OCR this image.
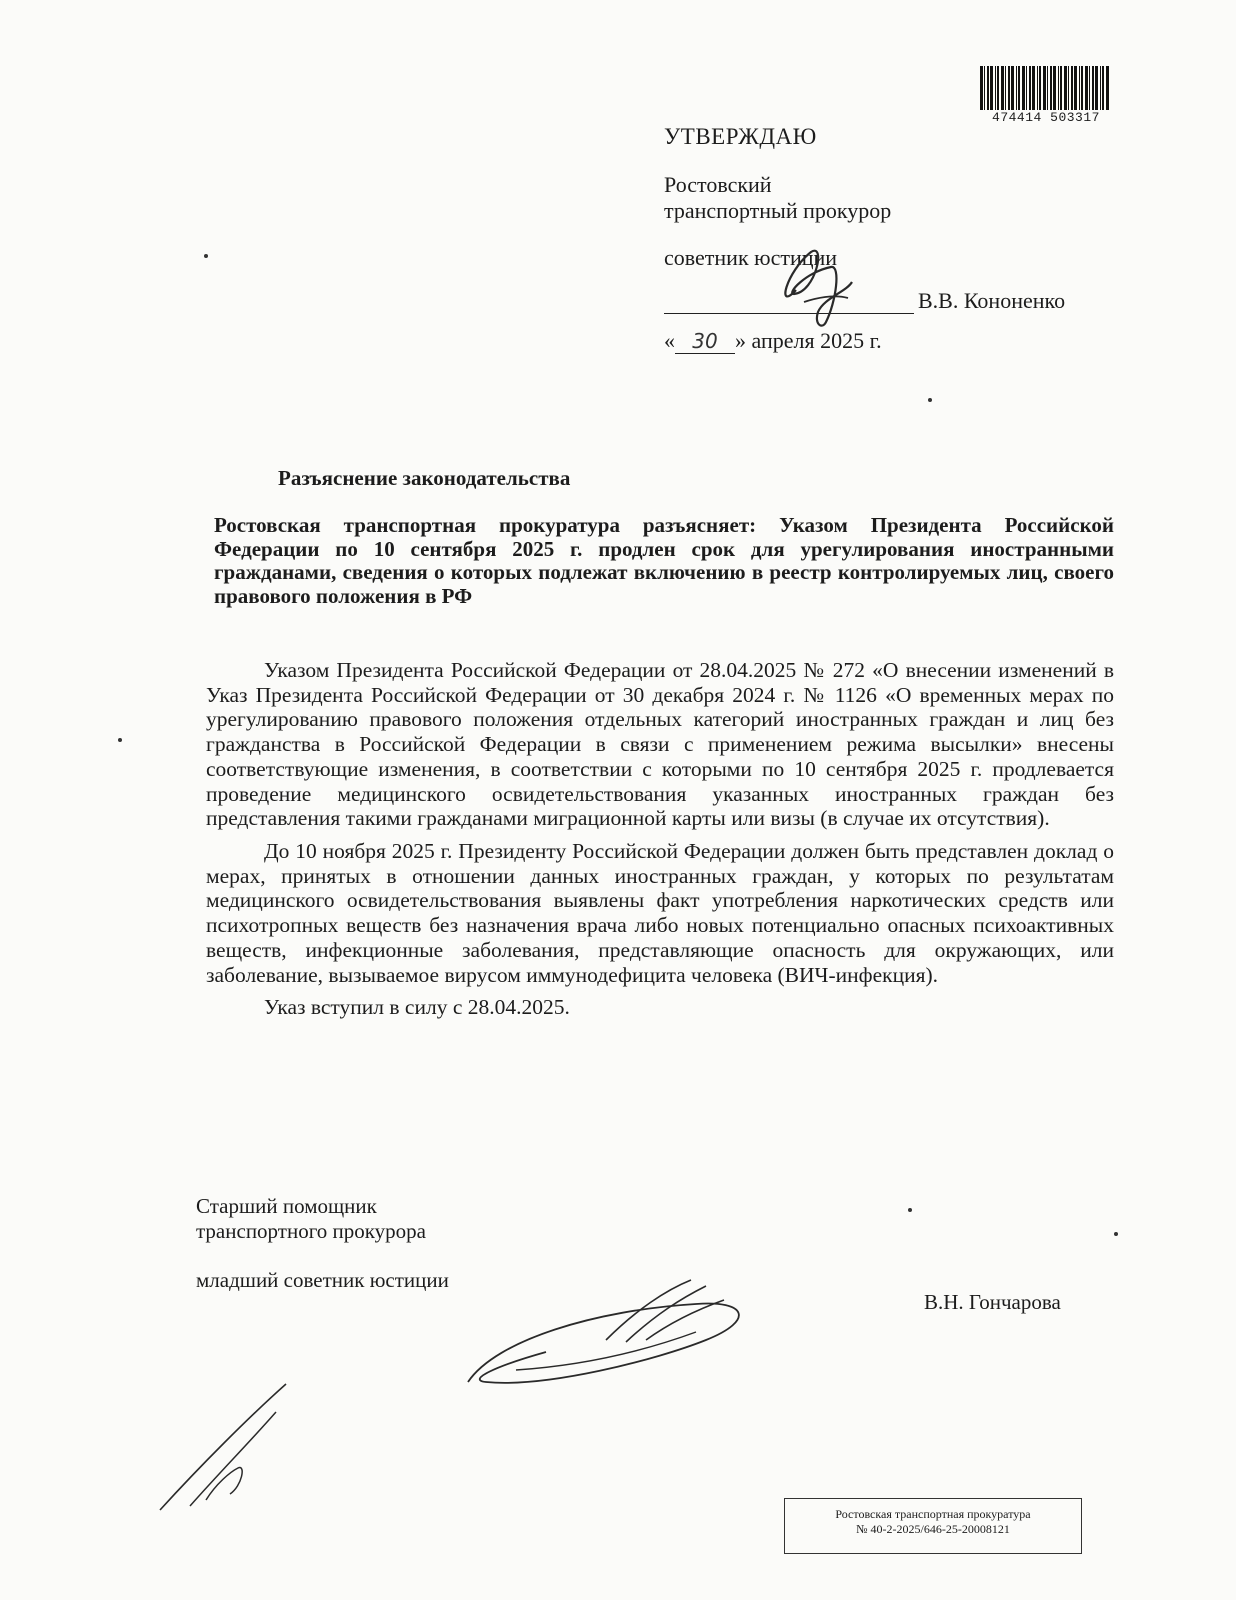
474414 503317
УТВЕРЖДАЮ
Ростовский
транспортный прокурор
советник юстиции
В.В. Кононенко
« 30 » апреля 2025 г.
Разъяснение законодательства
Ростовская транспортная прокуратура разъясняет: Указом Президента Российской Федерации по 10 сентября 2025 г. продлен срок для урегулирования иностранными гражданами, сведения о которых подлежат включению в реестр контролируемых лиц, своего правового положения в РФ

Указом Президента Российской Федерации от 28.04.2025 № 272 «О внесении изменений в Указ Президента Российской Федерации от 30 декабря 2024 г. № 1126 «О временных мерах по урегулированию правового положения отдельных категорий иностранных граждан и лиц без гражданства в Российской Федерации в связи с применением режима высылки» внесены соответствующие изменения, в соответствии с которыми по 10 сентября 2025 г. продлевается проведение медицинского освидетельствования указанных иностранных граждан без представления такими гражданами миграционной карты или визы (в случае их отсутствия).

До 10 ноября 2025 г. Президенту Российской Федерации должен быть представлен доклад о мерах, принятых в отношении данных иностранных граждан, у которых по результатам медицинского освидетельствования выявлены факт употребления наркотических средств или психотропных веществ без назначения врача либо новых потенциально опасных психоактивных веществ, инфекционные заболевания, представляющие опасность для окружающих, или заболевание, вызываемое вирусом иммунодефицита человека (ВИЧ-инфекция).

Указ вступил в силу с 28.04.2025.

Старший помощник
транспортного прокурора
младший советник юстиции
В.Н. Гончарова
Ростовская транспортная прокуратура
№ 40-2-2025/646-25-20008121
